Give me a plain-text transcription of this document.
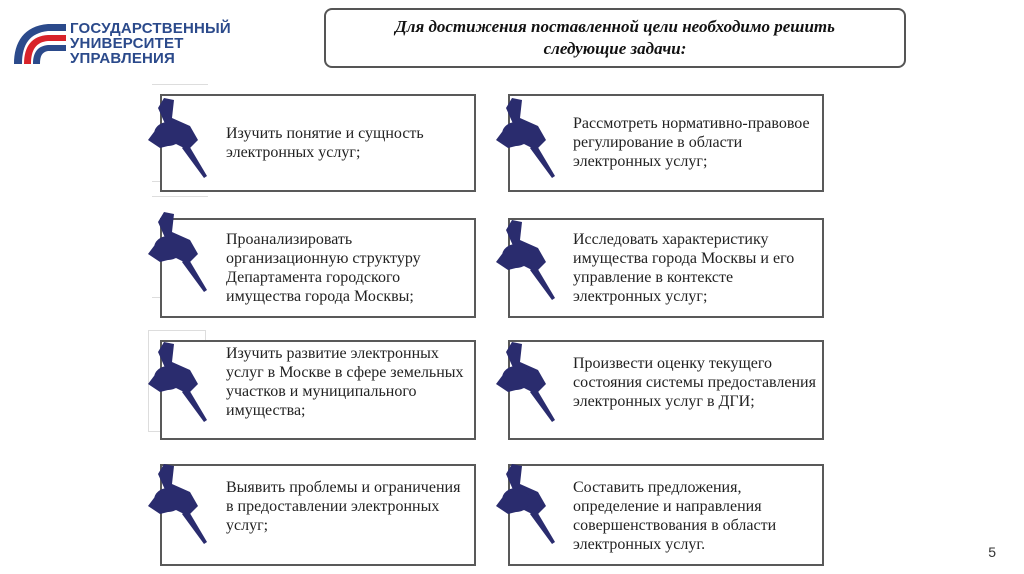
ГОСУДАРСТВЕННЫЙ
УНИВЕРСИТЕТ
УПРАВЛЕНИЯ
Для достижения поставленной цели необходимо решить
следующие задачи:
Изучить понятие и сущность электронных услуг;
Рассмотреть нормативно-правовое регулирование в области электронных услуг;
Проанализировать организационную структуру Департамента городского имущества города Москвы;
Исследовать характеристику имущества города Москвы и его управление в контексте электронных услуг;
Изучить развитие электронных услуг в Москве в сфере земельных участков и муниципального имущества;
Произвести оценку текущего состояния системы предоставления электронных услуг в ДГИ;
Выявить проблемы и ограничения в предоставлении электронных услуг;
Составить предложения, определение и направления совершенствования в области электронных услуг.	5
